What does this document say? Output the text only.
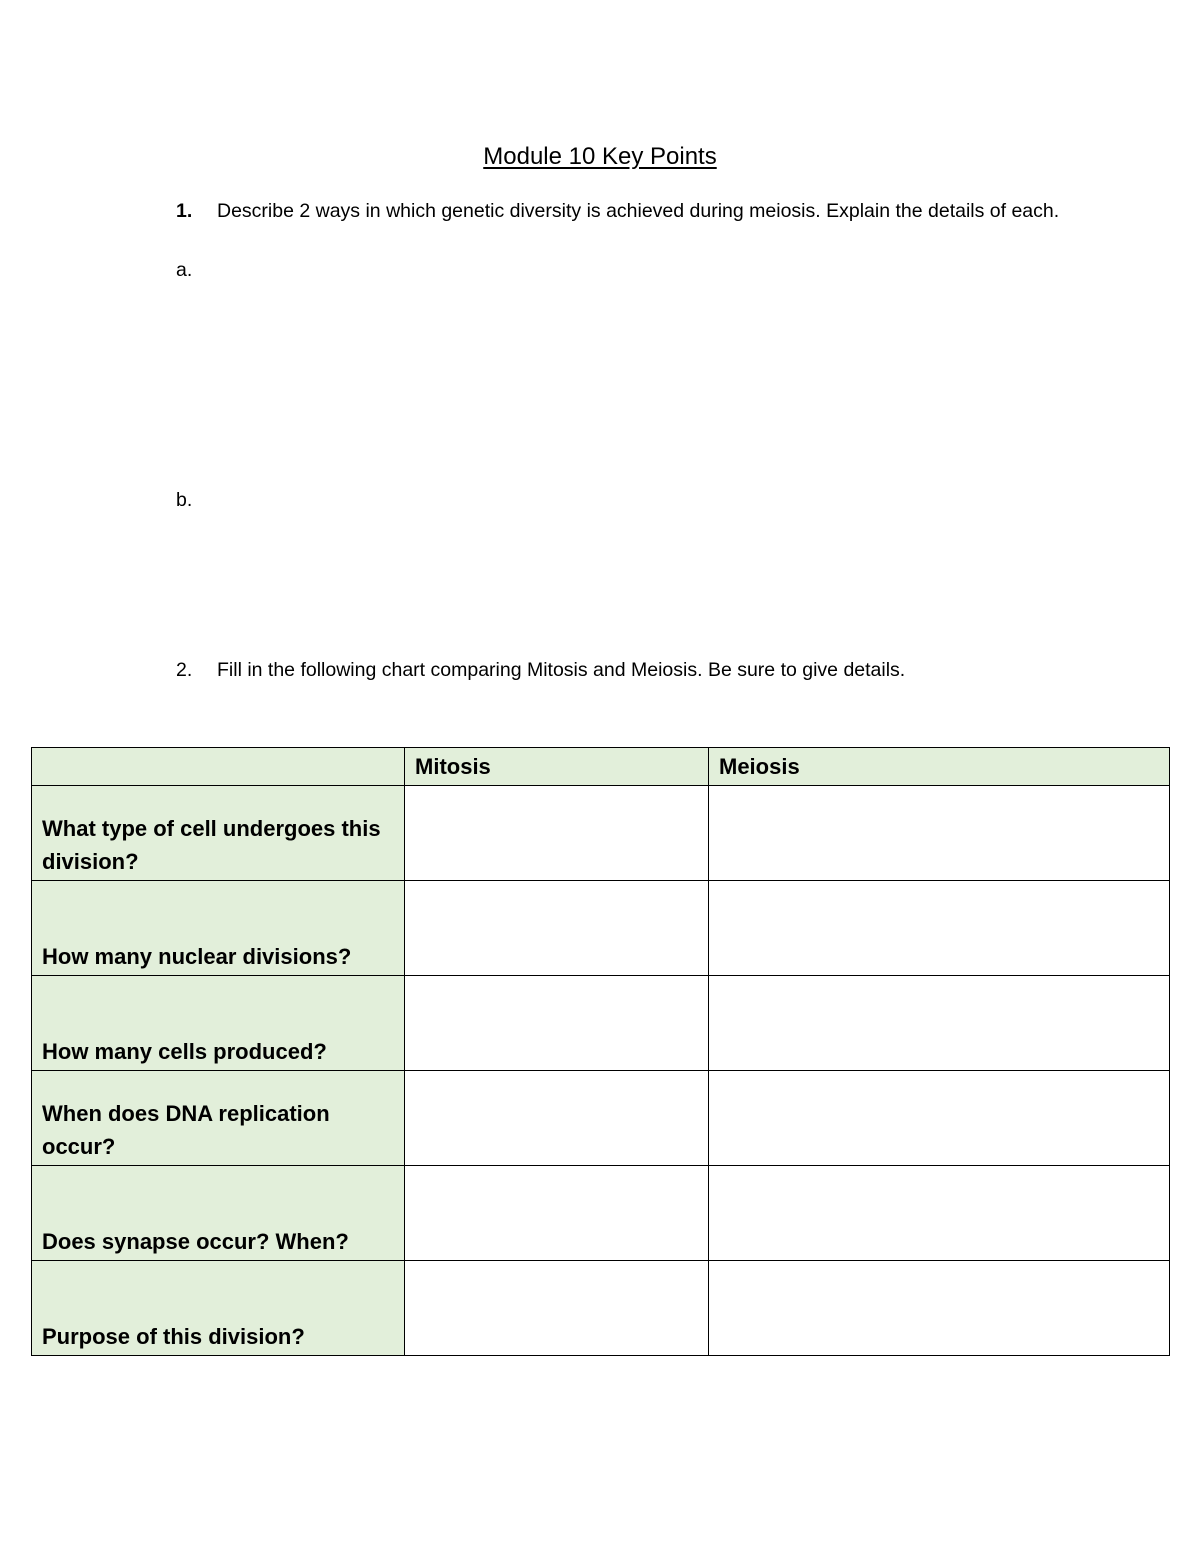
Module 10 Key Points
1.	Describe 2 ways in which genetic diversity is achieved during meiosis. Explain the details of each.
a.
b.
2. Fill in the following chart comparing Mitosis and Meiosis. Be sure to give details.
	Mitosis	Meiosis
What type of cell undergoes this division?		
How many nuclear divisions?		
How many cells produced?		
When does DNA replication occur?		
Does synapse occur? When?		
Purpose of this division?		
